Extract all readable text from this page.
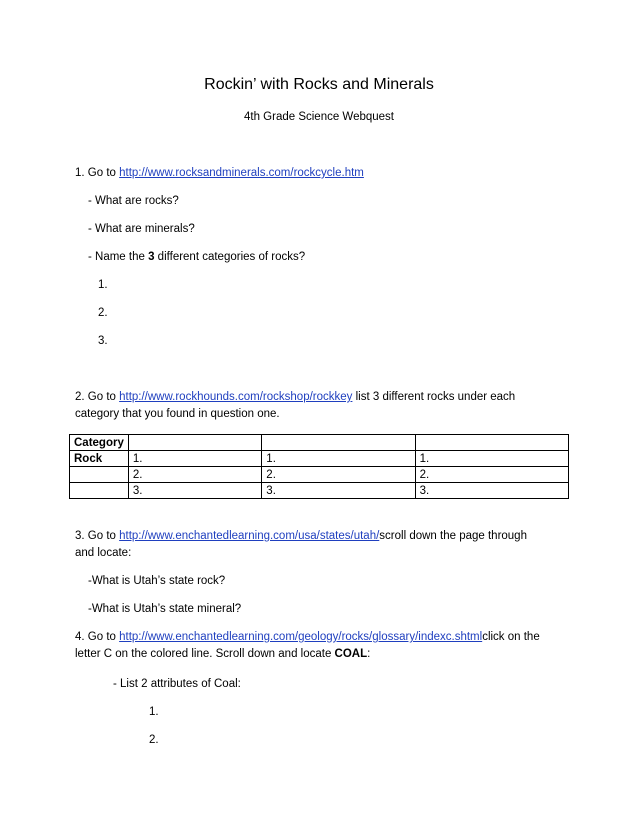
Rockin’ with Rocks and Minerals
4th Grade Science Webquest
1. Go to http://www.rocksandminerals.com/rockcycle.htm
- What are rocks?
- What are minerals?
- Name the 3 different categories of rocks?
1.
2.
3.
2. Go to http://www.rockhounds.com/rockshop/rockkey list 3 different rocks under each
category that you found in question one.
Category			
Rock	1.	1.	1.
	2.	2.	2.
	3.	3.	3.
3. Go to http://www.enchantedlearning.com/usa/states/utah/scroll down the page through
and locate:
-What is Utah’s state rock?
-What is Utah’s state mineral?
4. Go to http://www.enchantedlearning.com/geology/rocks/glossary/indexc.shtmlclick on the
letter C on the colored line. Scroll down and locate COAL:
- List 2 attributes of Coal:
1.
2.
